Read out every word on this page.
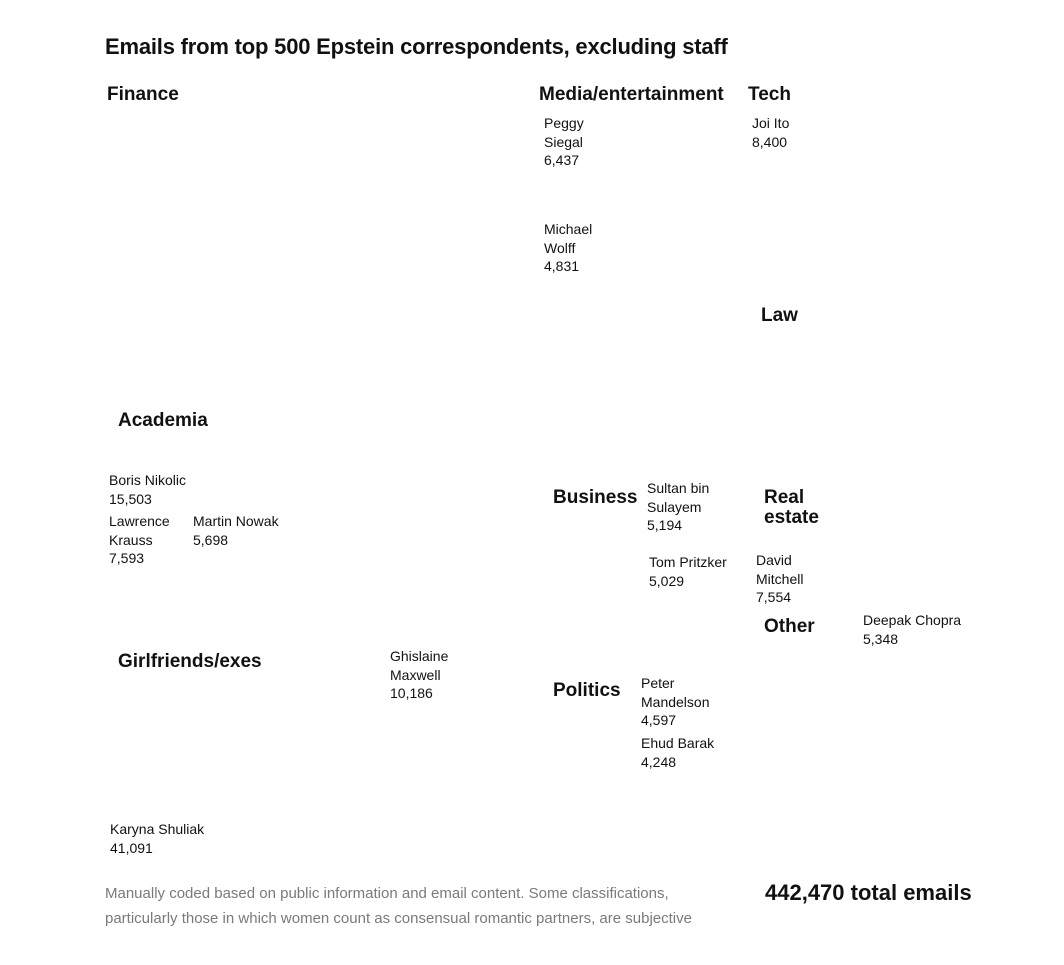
Emails from top 500 Epstein correspondents, excluding staff
Finance	Media/entertainment Tech
Law
Academia
Business	Real
estate
Other
Girlfriends/exes
Politics
Peggy
Siegal
6,437
Michael
Wolff
4,831
Joi Ito
8,400
Boris Nikolic
15,503
Lawrence
Krauss
7,593
Martin Nowak
5,698
Sultan bin
Sulayem
5,194
Tom Pritzker
5,029
David
Mitchell
7,554
Deepak Chopra
5,348
Ghislaine
Maxwell
10,186
Peter
Mandelson
4,597
Ehud Barak
4,248
Karyna Shuliak
41,091
Manually coded based on public information and email content. Some classifications, particularly those in which women count as consensual romantic partners, are subjective
442,470 total emails
